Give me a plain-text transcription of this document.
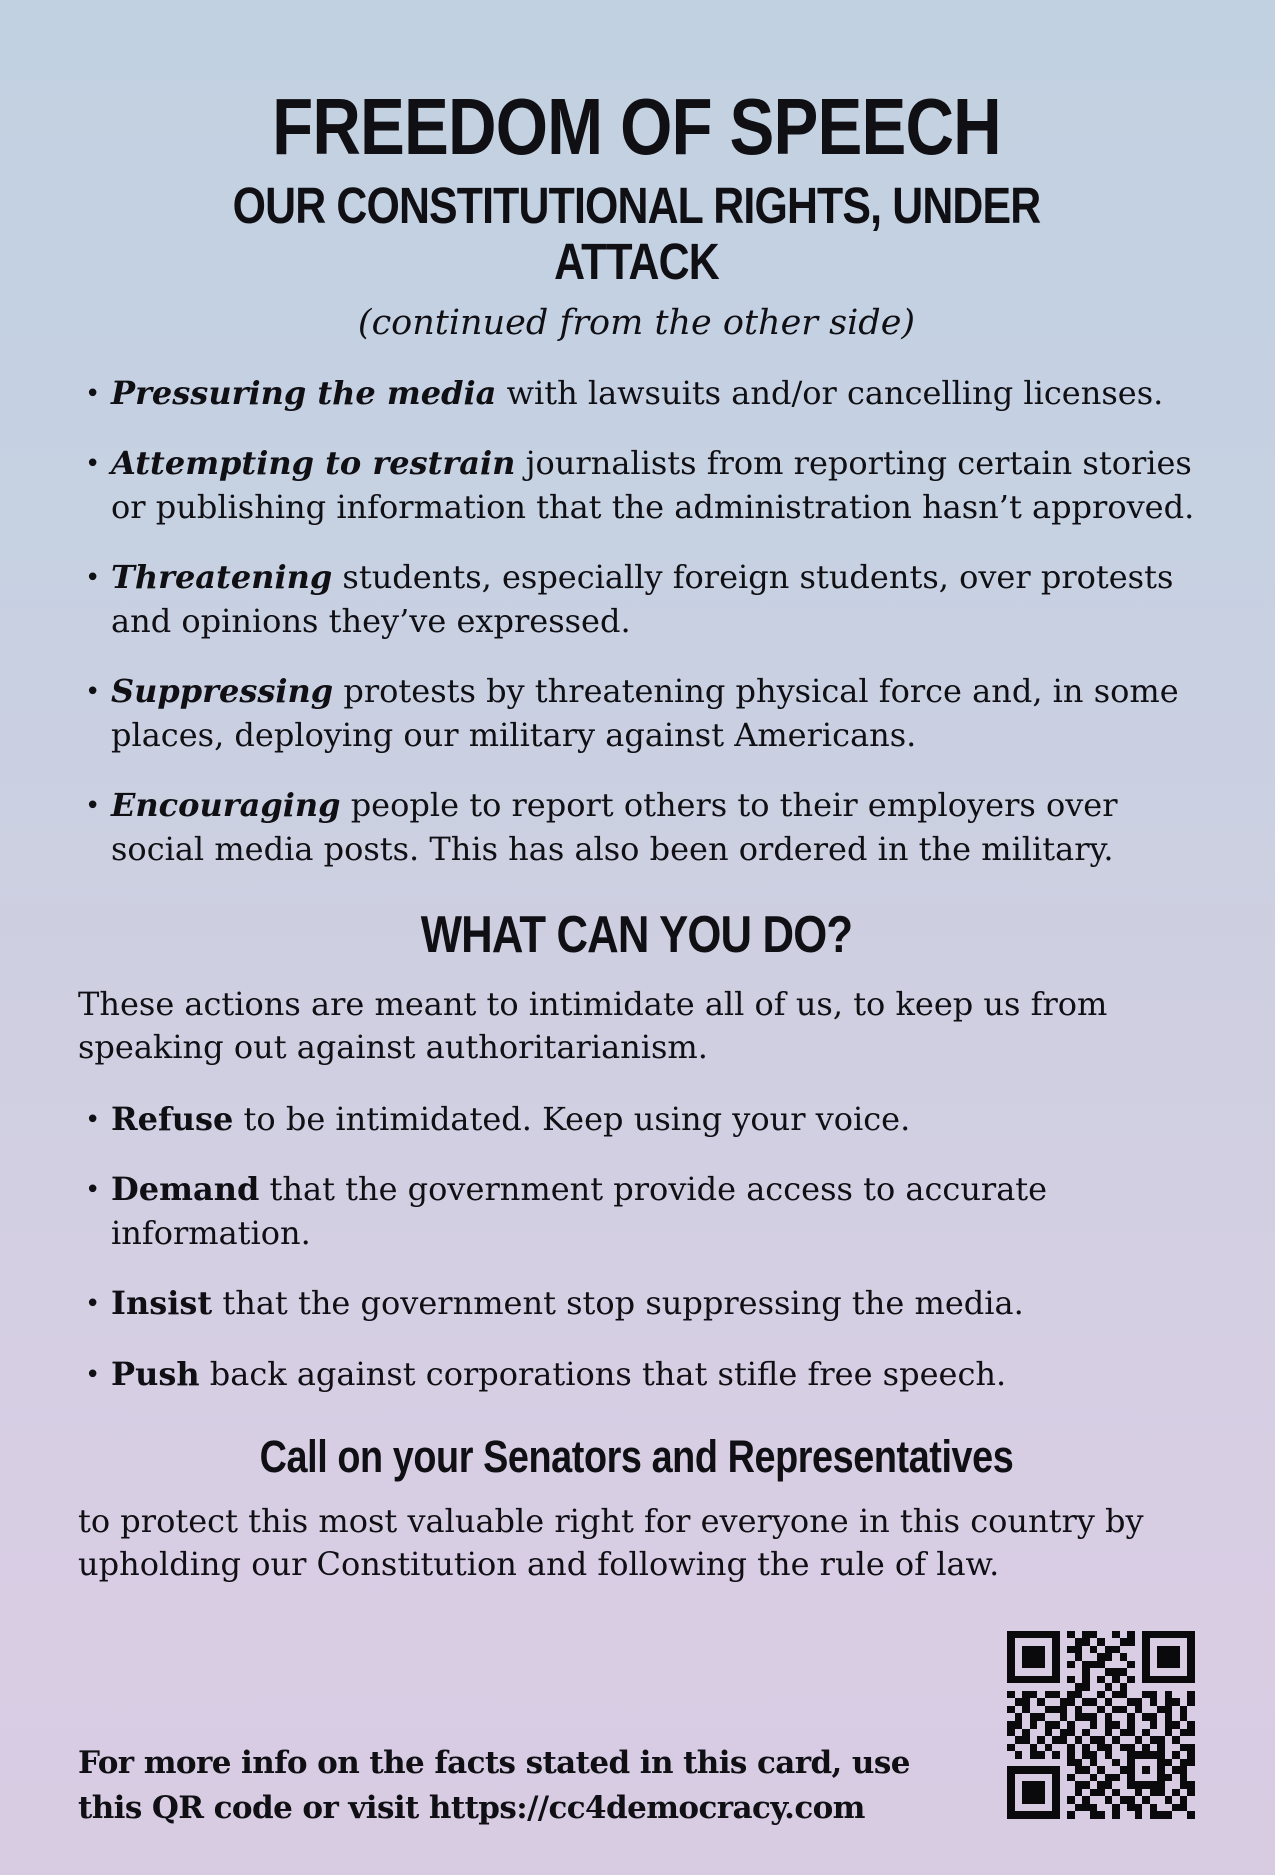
FREEDOM OF SPEECH
OUR CONSTITUTIONAL RIGHTS, UNDER ATTACK

(continued from the other side)

• Pressuring the media with lawsuits and/or cancelling licenses.
• Attempting to restrain journalists from reporting certain stories or publishing information that the administration hasn’t approved.
• Threatening students, especially foreign students, over protests and opinions they’ve expressed.
• Suppressing protests by threatening physical force and, in some places, deploying our military against Americans.
• Encouraging people to report others to their employers over social media posts. This has also been ordered in the military.
WHAT CAN YOU DO?

These actions are meant to intimidate all of us, to keep us from speaking out against authoritarianism.

• Refuse to be intimidated. Keep using your voice.
• Demand that the government provide access to accurate information.
• Insist that the government stop suppressing the media.
• Push back against corporations that stifle free speech.
Call on your Senators and Representatives

to protect this most valuable right for everyone in this country by upholding our Constitution and following the rule of law.

For more info on the facts stated in this card, use
this QR code or visit https://cc4democracy.com
